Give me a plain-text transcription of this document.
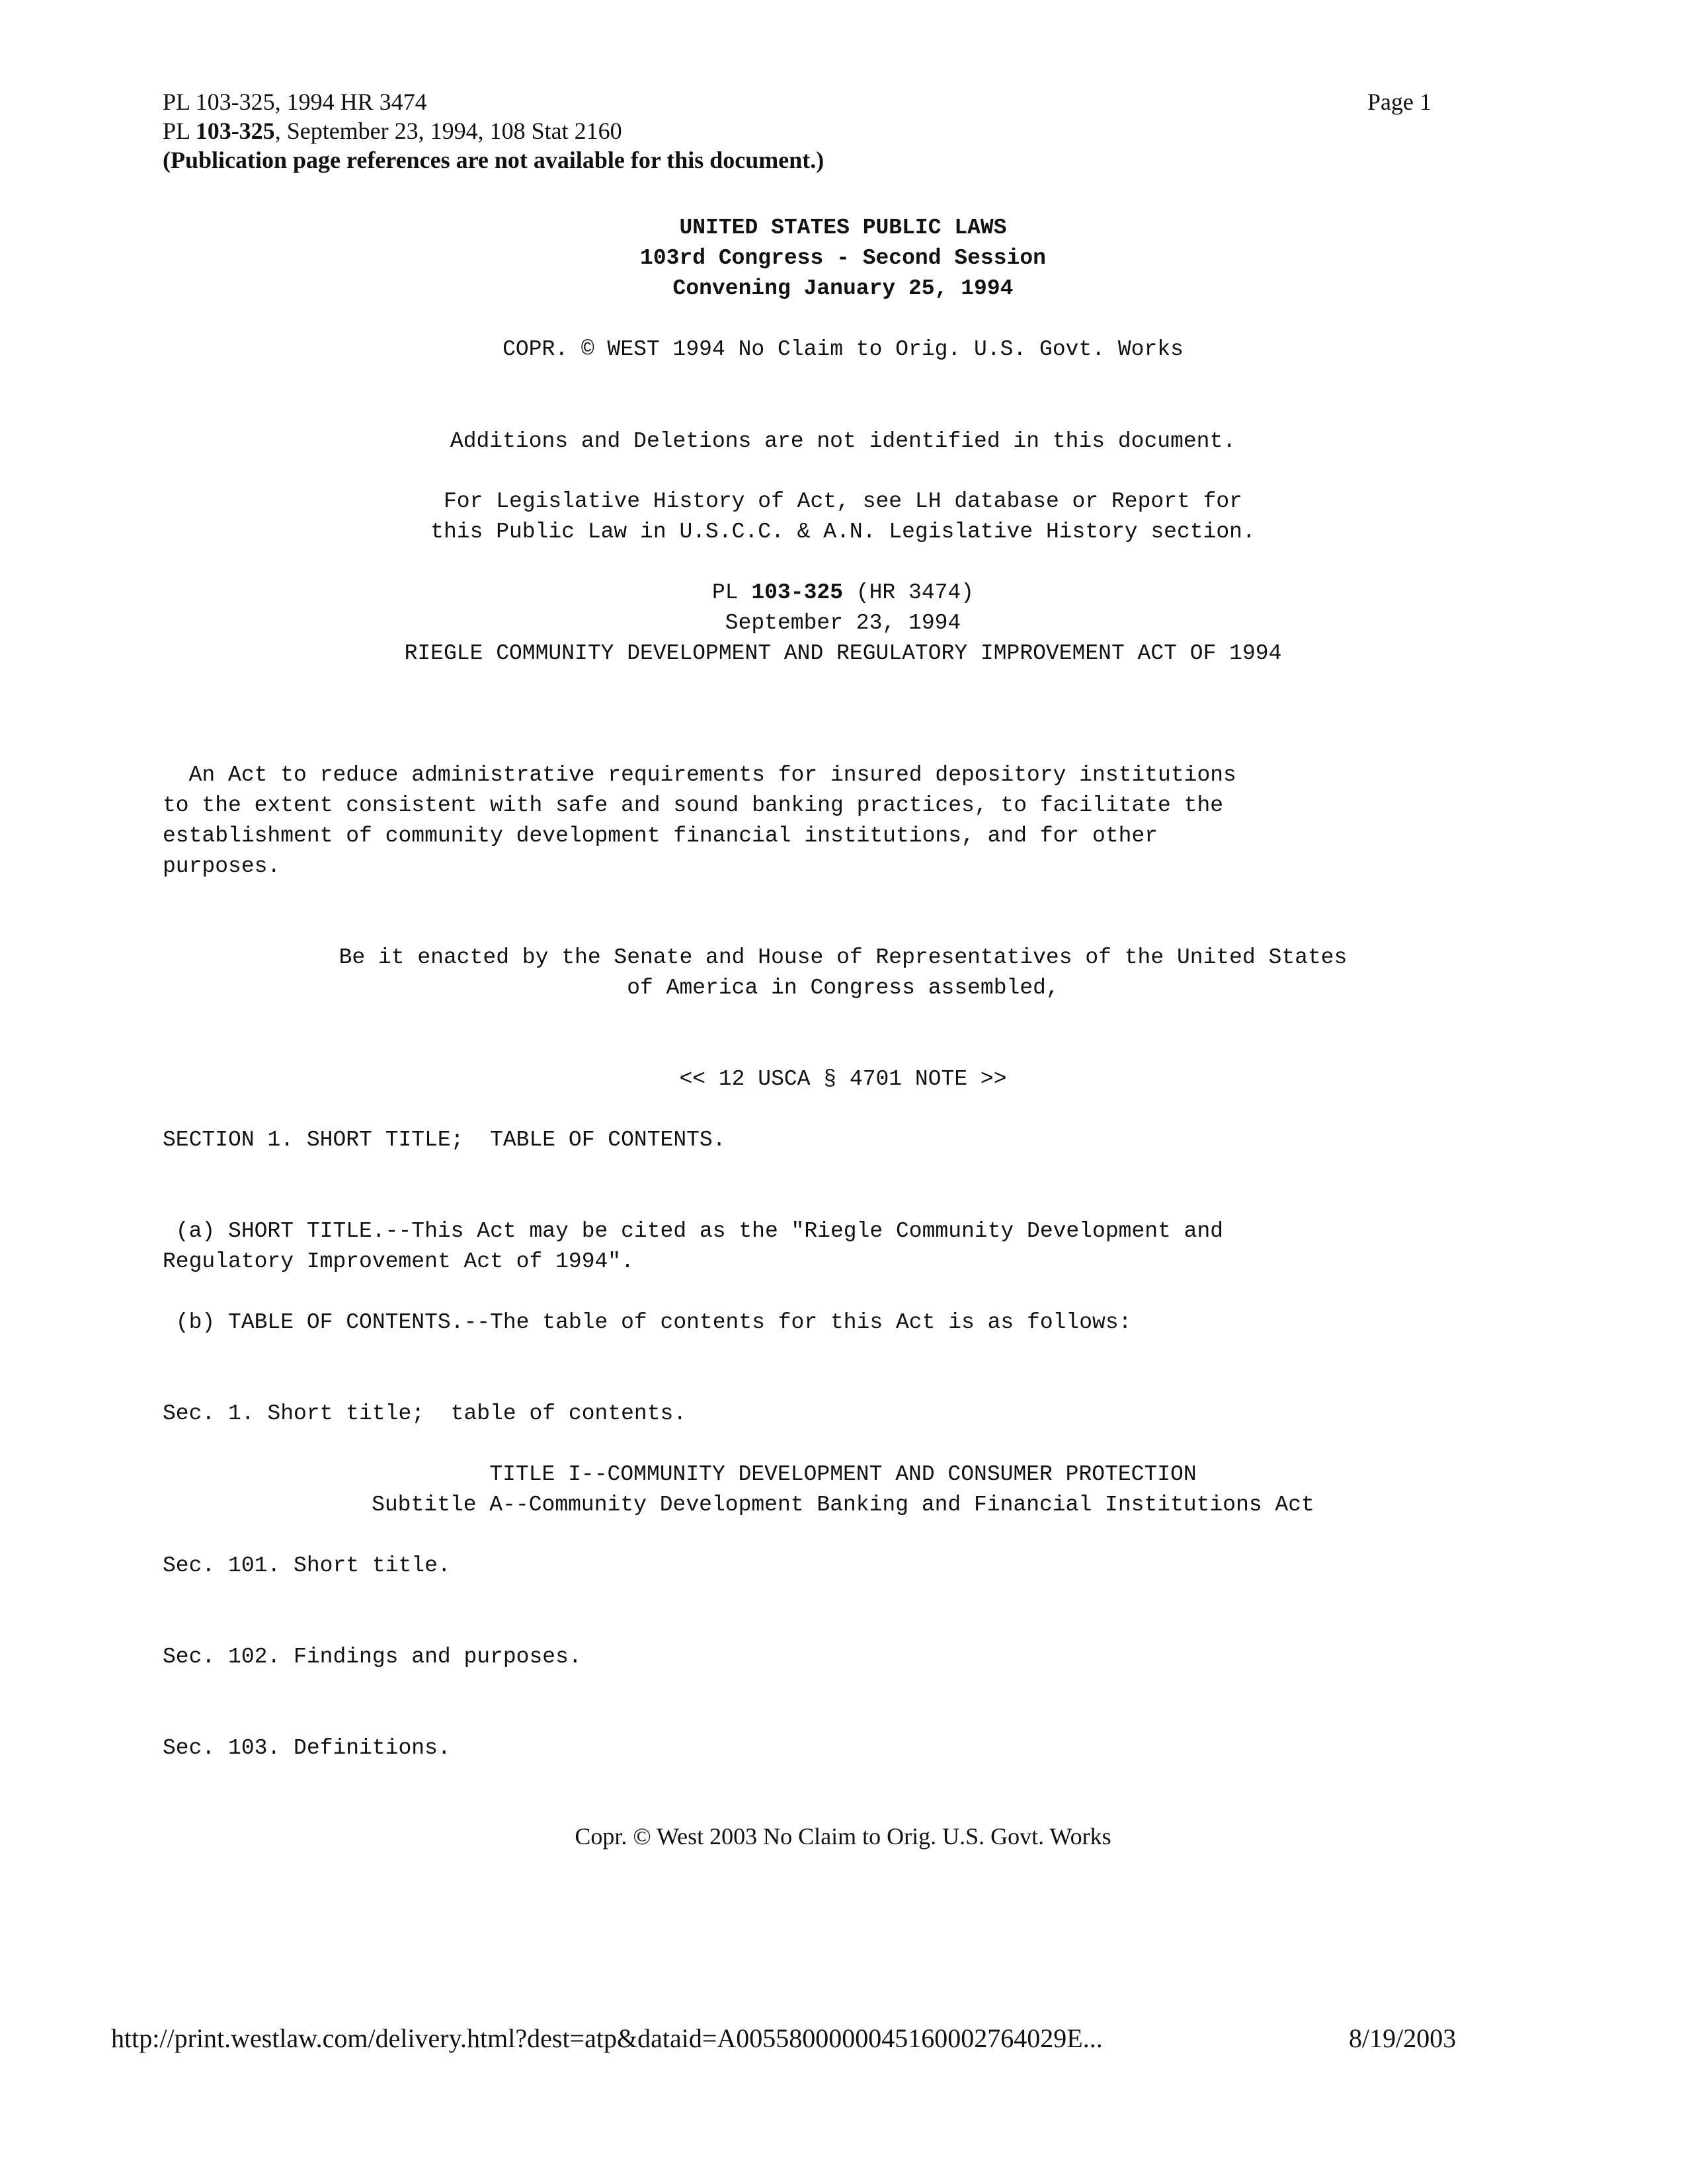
PL 103-325, 1994 HR 3474
PL 103-325, September 23, 1994, 108 Stat 2160
(Publication page references are not available for this document.)
Page 1
UNITED STATES PUBLIC LAWS
103rd Congress - Second Session
Convening January 25, 1994
COPR. © WEST 1994 No Claim to Orig. U.S. Govt. Works
Additions and Deletions are not identified in this document.
For Legislative History of Act, see LH database or Report for
this Public Law in U.S.C.C. & A.N. Legislative History section.
PL 103-325 (HR 3474)
September 23, 1994
RIEGLE COMMUNITY DEVELOPMENT AND REGULATORY IMPROVEMENT ACT OF 1994
An Act to reduce administrative requirements for insured depository institutions
to the extent consistent with safe and sound banking practices, to facilitate the
establishment of community development financial institutions, and for other
purposes.
Be it enacted by the Senate and House of Representatives of the United States
of America in Congress assembled,
<< 12 USCA § 4701 NOTE >>
SECTION 1. SHORT TITLE;  TABLE OF CONTENTS.
(a) SHORT TITLE.--This Act may be cited as the "Riegle Community Development and
Regulatory Improvement Act of 1994".
(b) TABLE OF CONTENTS.--The table of contents for this Act is as follows:
Sec. 1. Short title;  table of contents.
TITLE I--COMMUNITY DEVELOPMENT AND CONSUMER PROTECTION
Subtitle A--Community Development Banking and Financial Institutions Act
Sec. 101. Short title.
Sec. 102. Findings and purposes.
Sec. 103. Definitions.
Copr. © West 2003 No Claim to Orig. U.S. Govt. Works
http://print.westlaw.com/delivery.html?dest=atp&dataid=A0055800000045160002764029E...	8/19/2003
